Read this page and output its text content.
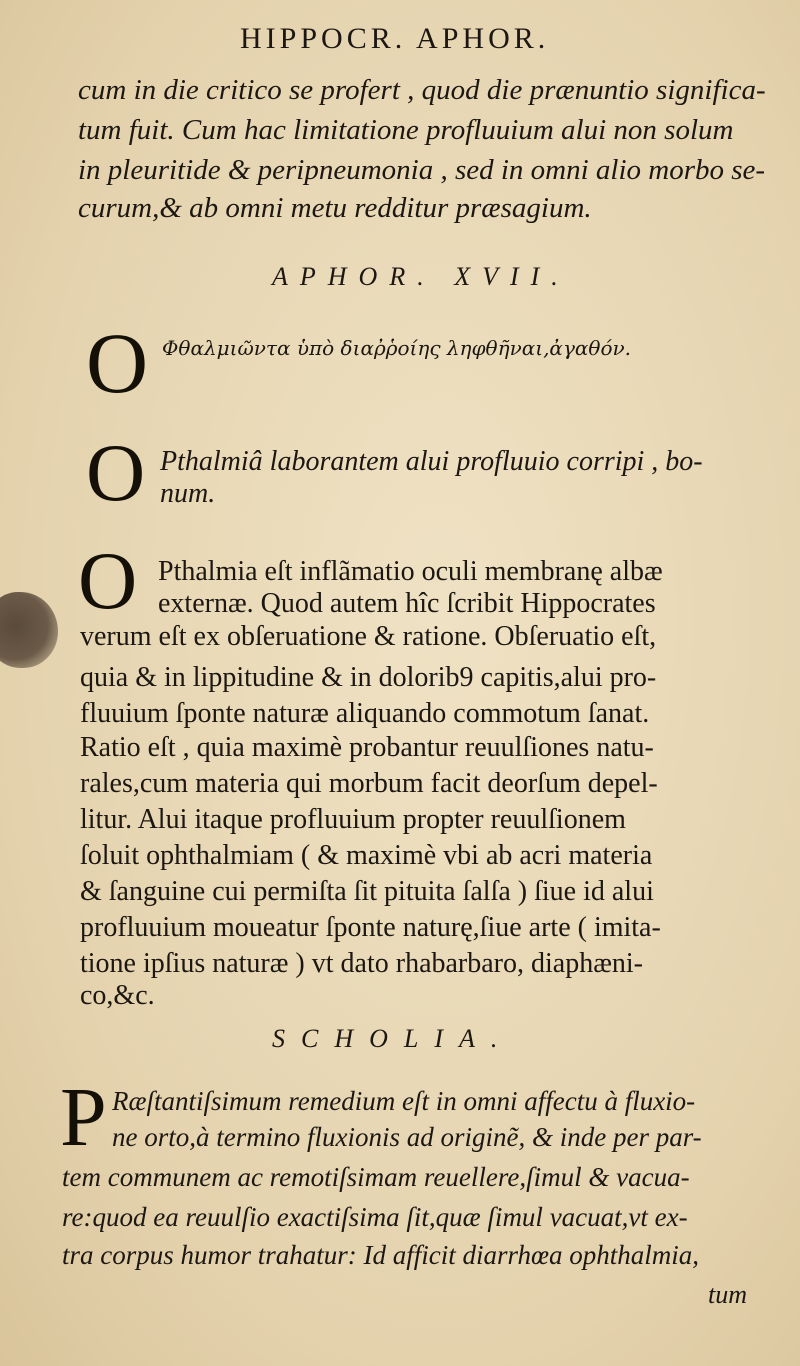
HIPPOCR. APHOR.
cum in die critico se profert , quod die prænuntio significa-
tum fuit. Cum hac limitatione profluuium alui non solum
in pleuritide & peripneumonia , sed in omni alio morbo se-
curum,& ab omni metu redditur præsagium.
APHOR. XVII.
O Φθαλμιῶντα ὑπὸ διαῤῥοίης ληφθῆναι,ἀγαθόν.
O Pthalmiâ laborantem alui profluuio corripi , bo-
num.
O Pthalmia eſt inflãmatio oculi membranę albæ
externæ. Quod autem hîc ſcribit Hippocrates
verum eſt ex obſeruatione & ratione. Obſeruatio eſt,
quia & in lippitudine & in dolorib9 capitis,alui pro-
fluuium ſponte naturæ aliquando commotum ſanat.
Ratio eſt , quia maximè probantur reuulſiones natu-
rales,cum materia qui morbum facit deorſum depel-
litur. Alui itaque profluuium propter reuulſionem
ſoluit ophthalmiam ( & maximè vbi ab acri materia
& ſanguine cui permiſta ſit pituita ſalſa ) ſiue id alui
profluuium moueatur ſponte naturę,ſiue arte ( imita-
tione ipſius naturæ ) vt dato rhabarbaro, diaphæni-
co,&c.
SCHOLIA.
P Ræſtantiſsimum remedium eſt in omni affectu à fluxio-
ne orto,à termino fluxionis ad originẽ, & inde per par-
tem communem ac remotiſsimam reuellere,ſimul & vacua-
re:quod ea reuulſio exactiſsima ſit,quæ ſimul vacuat,vt ex-
tra corpus humor trahatur: Id afficit diarrhœa ophthalmia,
tum
